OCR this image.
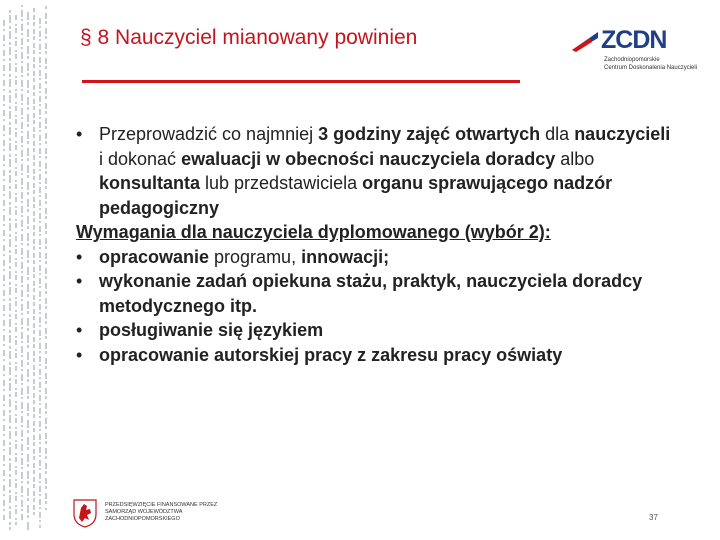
§ 8 Nauczyciel mianowany powinien	ZCDN
Zachodniopomorskie
Centrum Doskonalenia Nauczycieli
• Przeprowadzić co najmniej 3 godziny zajęć otwartych dla nauczycieli i dokonać ewaluacji w obecności nauczyciela doradcy albo konsultanta lub przedstawiciela organu sprawującego nadzór pedagogiczny
Wymagania dla nauczyciela dyplomowanego (wybór 2):
• opracowanie programu, innowacji;
• wykonanie zadań opiekuna stażu, praktyk, nauczyciela doradcy metodycznego itp.
• posługiwanie się językiem
• opracowanie autorskiej pracy z zakresu pracy oświaty
PRZEDSIĘWZIĘCIE FINANSOWANE PRZEZ
SAMORZĄD WOJEWÓDZTWA
ZACHODNIOPOMORSKIEGO	37
